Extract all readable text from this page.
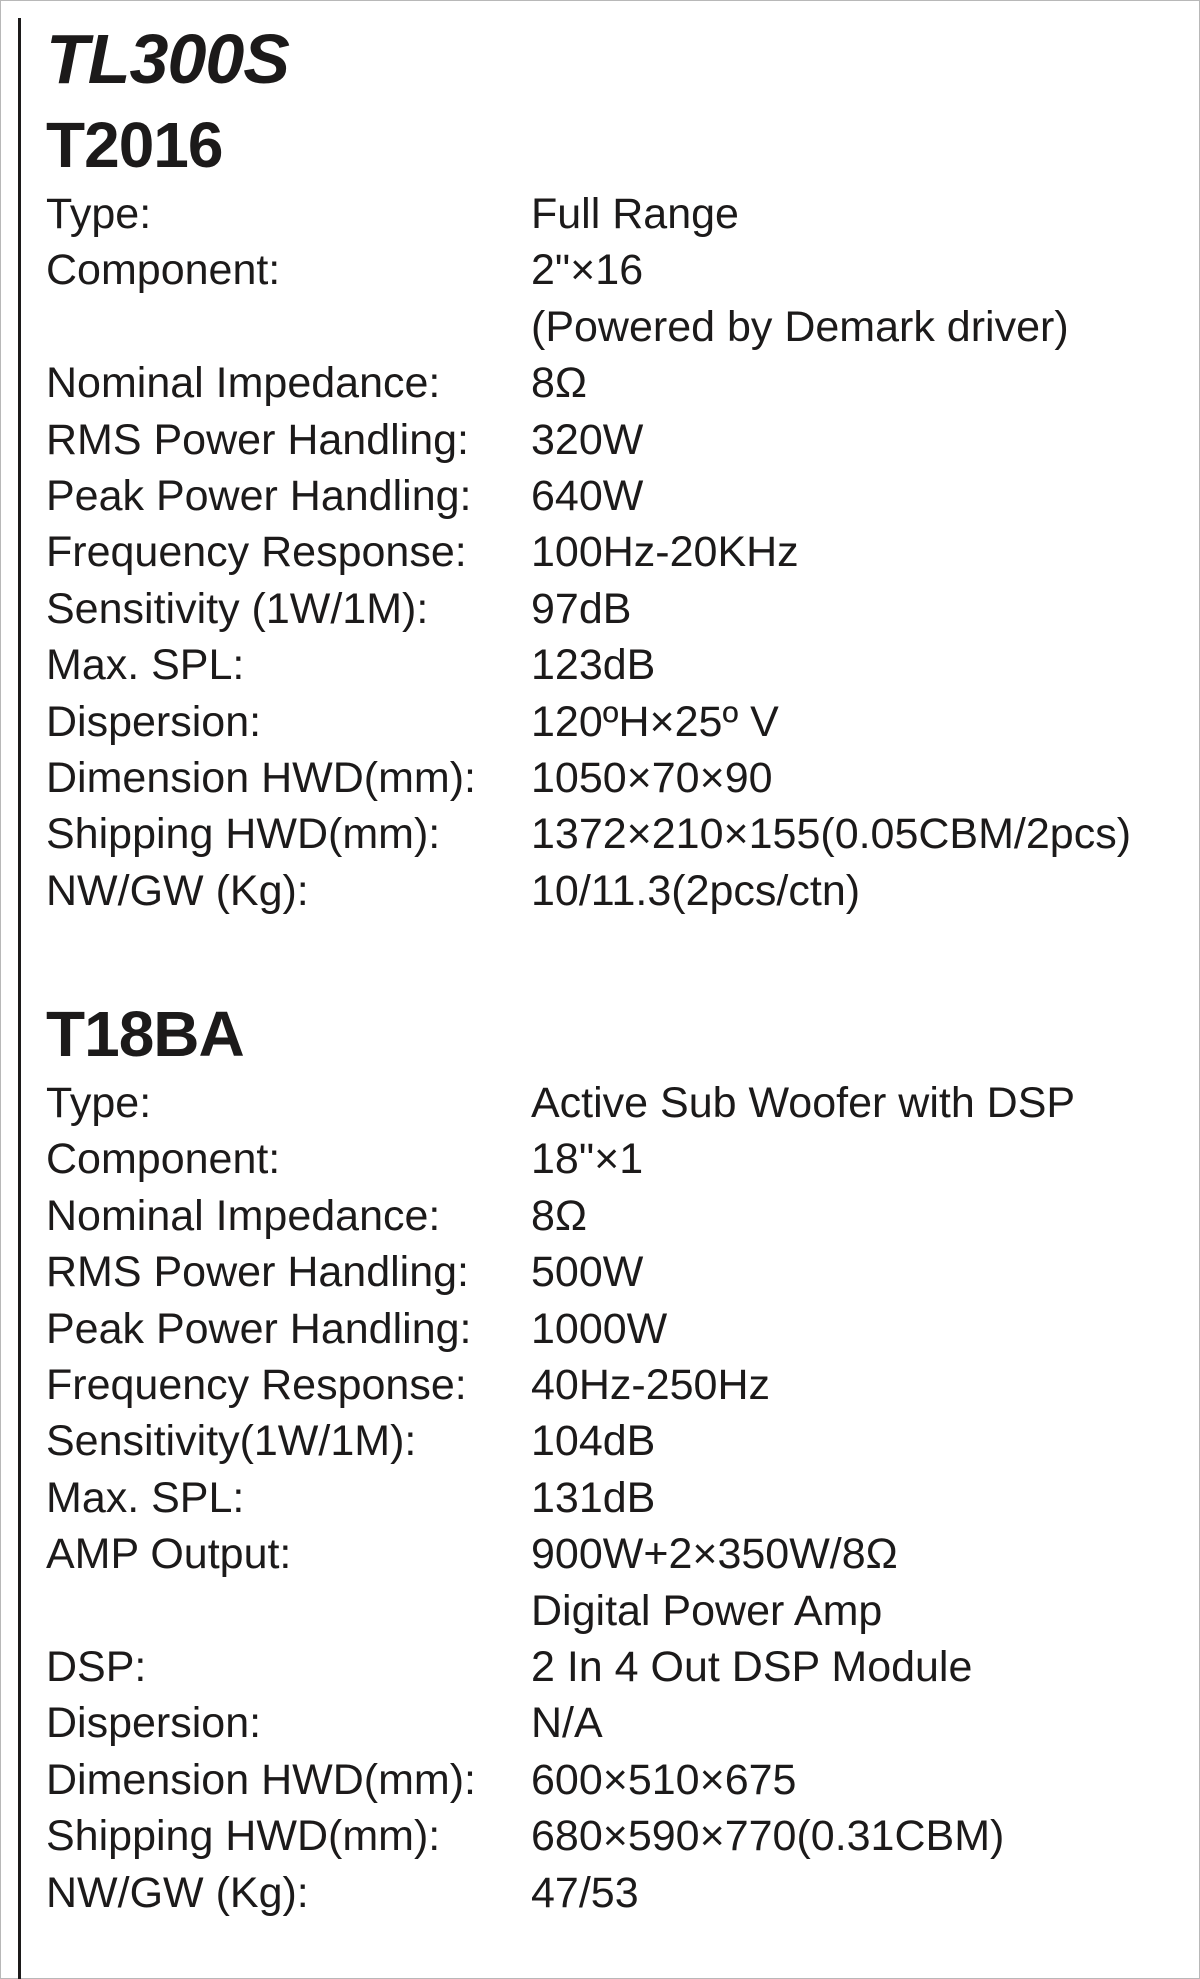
TL300S
T2016
Type:	Full Range
Component:	2"×16
(Powered by Demark driver)
Nominal Impedance:	8Ω
RMS Power Handling:	320W
Peak Power Handling:	640W
Frequency Response:	100Hz-20KHz
Sensitivity (1W/1M):	97dB
Max. SPL:	123dB
Dispersion:	120ºH×25º V
Dimension HWD(mm):	1050×70×90
Shipping HWD(mm):	1372×210×155(0.05CBM/2pcs)
NW/GW (Kg):	10/11.3(2pcs/ctn)
T18BA
Type:	Active Sub Woofer with DSP
Component:	18"×1
Nominal Impedance:	8Ω
RMS Power Handling:	500W
Peak Power Handling:	1000W
Frequency Response:	40Hz-250Hz
Sensitivity(1W/1M):	104dB
Max. SPL:	131dB
AMP Output:	900W+2×350W/8Ω
Digital Power Amp
DSP:	2 In 4 Out DSP Module
Dispersion:	N/A
Dimension HWD(mm):	600×510×675
Shipping HWD(mm):	680×590×770(0.31CBM)
NW/GW (Kg):	47/53
